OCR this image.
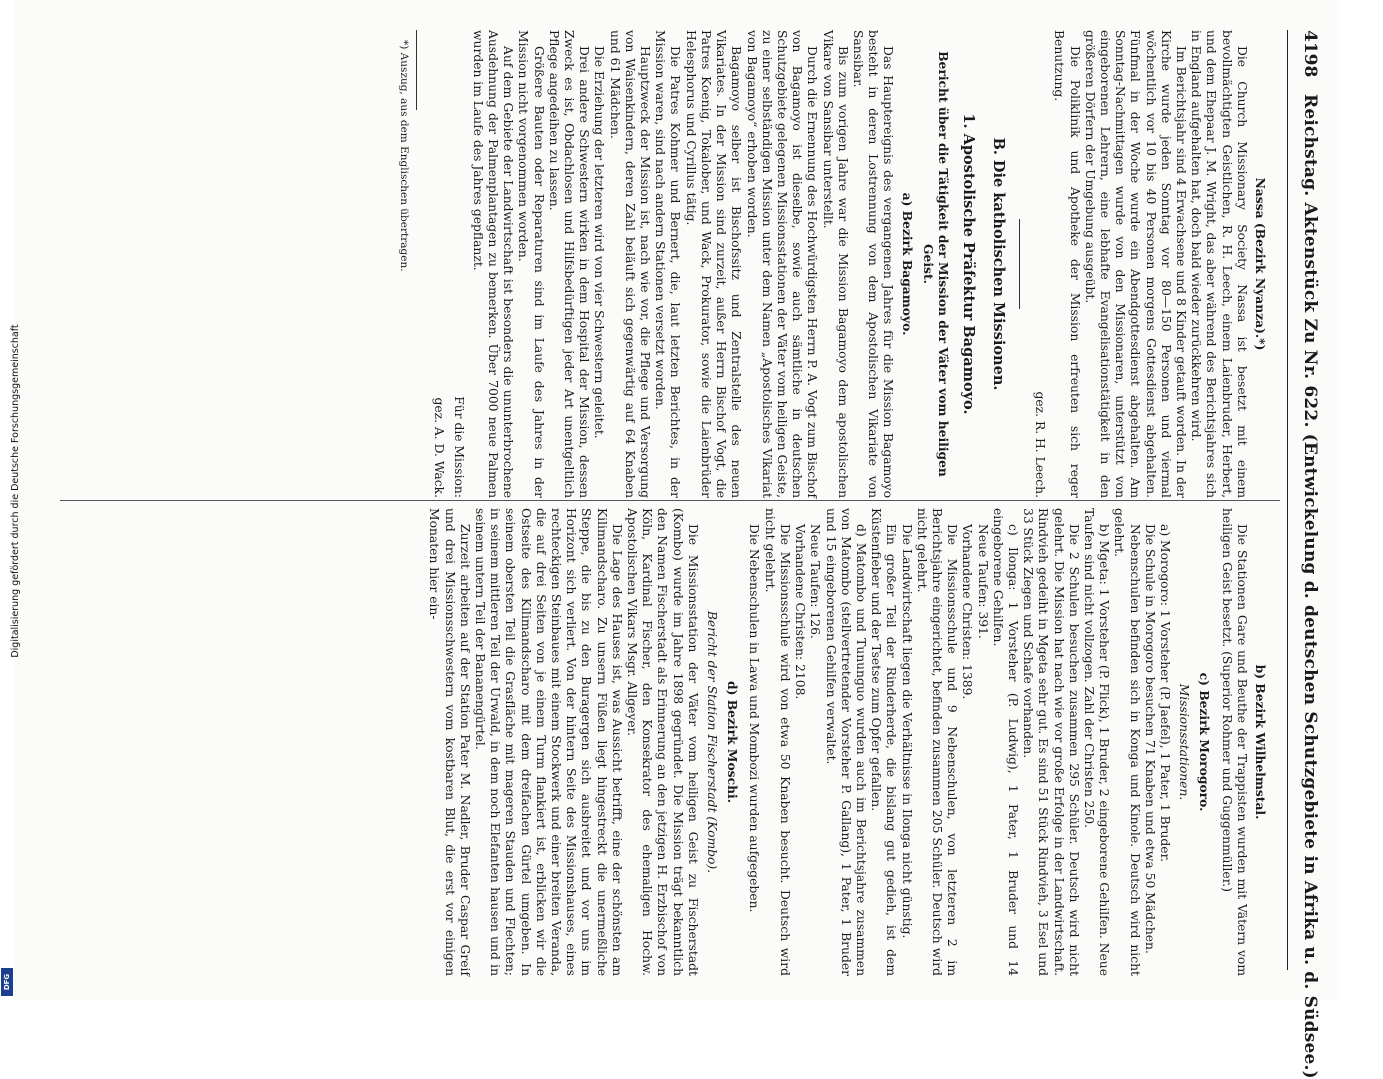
4198
Reichstag. Aktenstück Zu Nr. 622. (Entwickelung d. deutschen Schutzgebiete in Afrika u. d. Südsee.)

Nassa (Bezirk Nyanza).*)

Die Church Missionary Society Nassa ist besetzt mit einem bevollmächtigten Geistlichen, R. H. Leech, einem Laienbruder, Herbert, und dem Ehepaar J. M. Wright, das aber während des Berichtsjahres sich in England aufgehalten hat, doch bald wieder zurückkehren wird.

Im Berichtsjahr sind 4 Erwachsene und 8 Kinder getauft worden. In der Kirche wurde jeden Sonntag vor 80—150 Personen und viermal wöchentlich vor 10 bis 40 Personen morgens Gottesdienst abgehalten. Fünfmal in der Woche wurde ein Abendgottesdienst abgehalten. Am Sonntag-Nachmittagen wurde von den Missionaren, unterstützt von eingeborenen Lehrern, eine lebhafte Evangelisationstätigkeit in den größeren Dörfern der Umgebung ausgeübt.

Die Poliklinik und Apotheke der Mission erfreuten sich reger Benutzung.

gez. R. H. Leech.

B. Die katholischen Missionen.

1. Apostolische Präfektur Bagamoyo.

Bericht über die Tätigkeit der Mission der Väter vom heiligen Geist.

a) Bezirk Bagamoyo.

Das Hauptereignis des vergangenen Jahres für die Mission Bagamoyo besteht in deren Lostrennung von dem Apostolischen Vikariate von Sansibar.

Bis zum vorigen Jahre war die Mission Bagamoyo dem apostolischen Vikare von Sansibar unterstellt.

Durch die Ernennung des Hochwürdigsten Herrn P. A. Vogt zum Bischof von Bagamoyo ist dieselbe, sowie auch sämtliche in deutschen Schutzgebiete gelegenen Missionsstationen der Väter vom heiligen Geiste, zu einer selbständigen Mission unter dem Namen „Apostolisches Vikariat von Bagamoyo“ erhoben worden.

Bagamoyo selber ist Bischofssitz und Zentralstelle des neuen Vikariates. In der Mission sind zurzeit, außer Herrn Bischof Vogt, die Patres Koenig, Tokalober, und Wack, Prokurator, sowie die Laienbrüder Helesphorus und Cyrillus tätig.

Die Patres Kohmer und Bernert, die, laut letzten Berichtes, in der Mission waren, sind nach andern Stationen versetzt worden.

Hauptzweck der Mission ist, nach wie vor, die Pflege und Versorgung von Waisenkindern, deren Zahl beläuft sich gegenwärtig auf 64 Knaben und 61 Mädchen.

Die Erziehung der letzteren wird von vier Schwestern geleitet.

Drei andere Schwestern wirken in dem Hospital der Mission, dessen Zweck es ist, Obdachlosen und Hilfsbedürftigen jeder Art unentgeltlich Pflege angedeihen zu lassen.

Größere Bauten oder Reparaturen sind im Laufe des Jahres in der Mission nicht vorgenommen worden.

Auf dem Gebiete der Landwirtschaft ist besonders die ununterbrochene Ausdehnung der Palmenplantagen zu bemerken. Über 7000 neue Palmen wurden im Laufe des Jahres gepflanzt.

Für die Mission:

gez. A. D. Wack.

*) Auszug, aus dem Englischen übertragen.

b) Bezirk Wilhelmstal.

Die Stationen Gare und Beuthe der Trappisten wurden mit Vätern vom heiligen Geist besetzt. (Superior Rohmer und Guggenmüller.)

c) Bezirk Morogoro.

Missionsstationen.

a) Morogoro: 1 Vorsteher (P. Jaefel), 1 Pater, 1 Bruder.

Die Schule in Morogoro besuchen 71 Knaben und etwa 50 Mädchen.

Nebenschulen befinden sich in Konga und Kinole. Deutsch wird nicht gelehrt.

b) Mgeta: 1 Vorsteher (P. Flick), 1 Bruder, 2 eingeborene Gehilfen. Neue Taufen sind nicht vollzogen. Zahl der Christen 250.

Die 2 Schulen besuchen zusammen 295 Schüler. Deutsch wird nicht gelehrt. Die Mission hat nach wie vor große Erfolge in der Landwirtschaft. Rindvieh gedeiht in Mgeta sehr gut. Es sind 51 Stück Rindvieh, 3 Esel und 33 Stück Ziegen und Schafe vorhanden.

c) Ilonga: 1 Vorsteher (P. Ludwig), 1 Pater, 1 Bruder und 14 eingeborene Gehilfen.

Neue Taufen: 391.

Vorhandene Christen: 1389.

Die Missionsschule und 9 Nebenschulen, von letzteren 2 im Berichtsjahre eingerichtet, befinden zusammen 205 Schüler. Deutsch wird nicht gelehrt.

Die Landwirtschaft liegen die Verhältnisse in Ilonga nicht günstig.

Ein großer Teil der Rinderherde, die bislang gut gedieh, ist dem Küstenfieber und der Tsetse zum Opfer gefallen.

d) Matombo und Tununguo wurden auch im Berichtsjahre zusammen von Matombo (stellvertretender Vorsteher P. Gallang), 1 Pater, 1 Bruder und 15 eingeborenen Gehilfen verwaltet.

Neue Taufen: 126.

Vorhandene Christen: 2108.

Die Missionsschule wird von etwa 50 Knaben besucht. Deutsch wird nicht gelehrt.

Die Nebenschulen in Lawa und Mombozi wurden aufgegeben.

d) Bezirk Moschi.

Bericht der Station Fischerstadt (Kombo).

Die Missionsstation der Väter vom heiligen Geist zu Fischerstadt (Kombo) wurde im Jahre 1898 gegründet. Die Mission trägt bekanntlich den Namen Fischerstadt als Erinnerung an den jetzigen H. Erzbischof von Köln, Kardinal Fischer, den Konsekrator des ehemaligen Hochw. Apostolischen Vikars Msgr. Allgeyer.

Die Lage des Hauses ist, was Aussicht betrifft, eine der schönsten am Kilimandscharo. Zu unsern Füßen liegt hingestreckt die unermeßliche Steppe, die bis zu den Buragergen sich ausbreitet und vor uns im Horizont sich verliert. Von der hintern Seite des Missionshauses, eines rechteckigen Steinbaues mit einem Stockwerk und einer breiten Veranda, die auf drei Seiten von je einem Turm flankiert ist, erblicken wir die Ostseite des Kilimandscharo mit dem dreifachen Gürtel umgeben. In seinem obersten Teil die Grasfläche mit mageren Stauden und Flechten; in seinem mittleren Teil der Urwald, in dem noch Elefanten hausen und in seinem untern Teil der Bananengürtel.

Zurzeit arbeiten auf der Station Pater M. Nadler, Bruder Caspar Greif und drei Missionsschwestern vom kostbaren Blut, die erst vor einigen Monaten hier ein-

Digitalisierung gefördert durch die Deutsche Forschungsgemeinschaft
DFG
